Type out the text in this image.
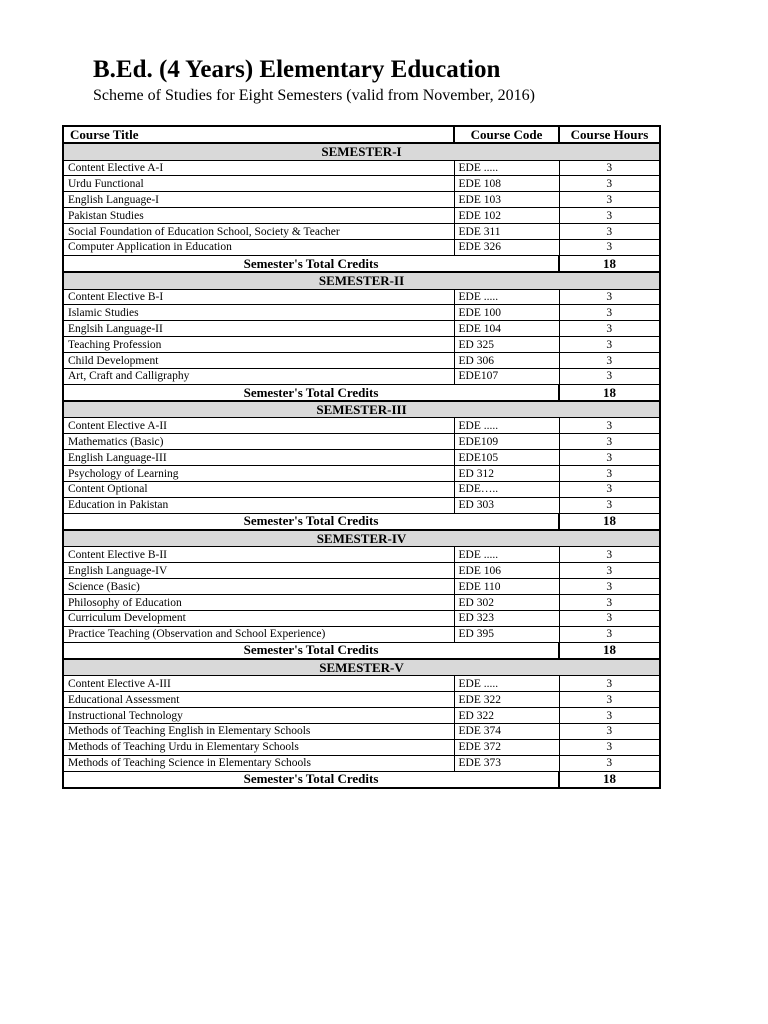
B.Ed. (4 Years) Elementary Education

Scheme of Studies for Eight Semesters (valid from November, 2016)

Course Title	Course Code	Course Hours
SEMESTER-I		
Content Elective A-I	EDE .....	3
Urdu Functional	EDE 108	3
English Language-I	EDE 103	3
Pakistan Studies	EDE 102	3
Social Foundation of Education School, Society & Teacher	EDE 311	3
Computer Application in Education	EDE 326	3
Semester's Total Credits		18
SEMESTER-II		
Content Elective B-I	EDE .....	3
Islamic Studies	EDE 100	3
Englsih Language-II	EDE 104	3
Teaching Profession	ED 325	3
Child Development	ED 306	3
Art, Craft and Calligraphy	EDE107	3
Semester's Total Credits		18
SEMESTER-III		
Content Elective A-II	EDE .....	3
Mathematics (Basic)	EDE109	3
English Language-III	EDE105	3
Psychology of Learning	ED 312	3
Content Optional	EDE…..	3
Education in Pakistan	ED 303	3
Semester's Total Credits		18
SEMESTER-IV		
Content Elective B-II	EDE .....	3
English Language-IV	EDE 106	3
Science (Basic)	EDE 110	3
Philosophy of Education	ED 302	3
Curriculum Development	ED 323	3
Practice Teaching (Observation and School Experience)	ED 395	3
Semester's Total Credits		18
SEMESTER-V		
Content Elective A-III	EDE .....	3
Educational Assessment	EDE 322	3
Instructional Technology	ED 322	3
Methods of Teaching English in Elementary Schools	EDE 374	3
Methods of Teaching Urdu in Elementary Schools	EDE 372	3
Methods of Teaching Science in Elementary Schools	EDE 373	3
Semester's Total Credits		18
